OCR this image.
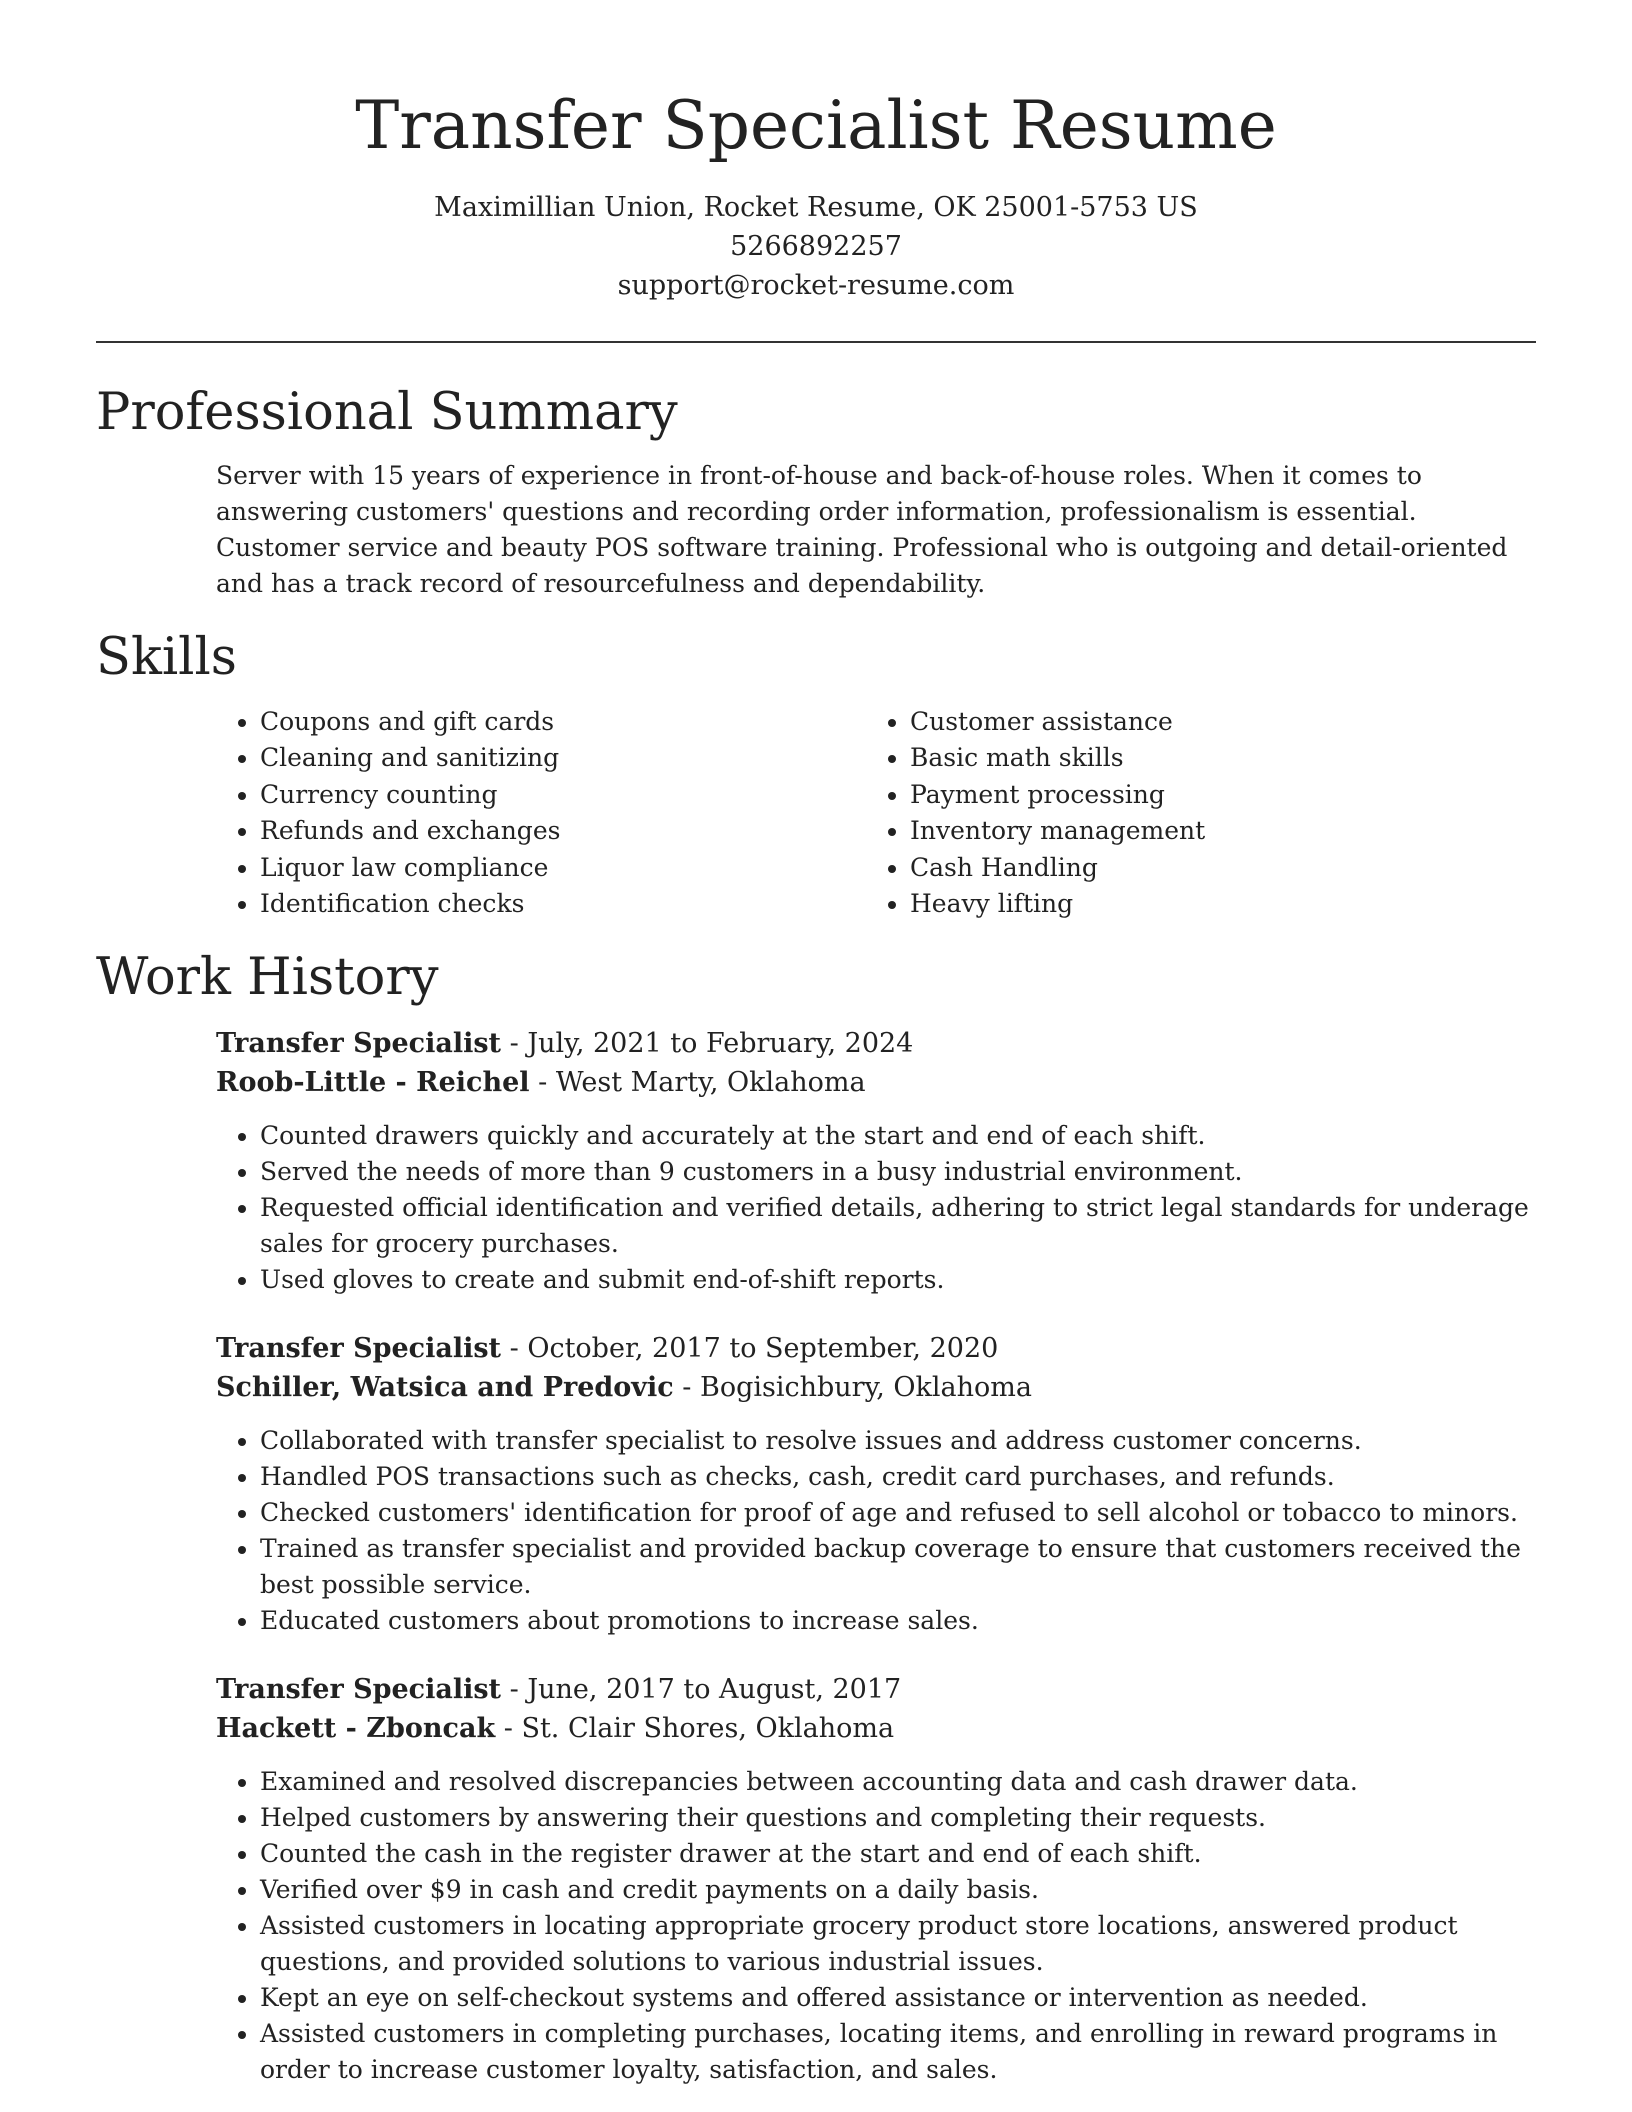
Transfer Specialist Resume
Maximillian Union, Rocket Resume, OK 25001-5753 US
5266892257
support@rocket-resume.com
Professional Summary

Server with 15 years of experience in front-of-house and back-of-house roles. When it comes to answering customers' questions and recording order information, professionalism is essential. Customer service and beauty POS software training. Professional who is outgoing and detail-oriented and has a track record of resourcefulness and dependability.

Skills
• Coupons and gift cards
• Cleaning and sanitizing
• Currency counting
• Refunds and exchanges
• Liquor law compliance
• Identification checks
• Customer assistance
• Basic math skills
• Payment processing
• Inventory management
• Cash Handling
• Heavy lifting
Work History
Transfer Specialist - July, 2021 to February, 2024
Roob-Little - Reichel - West Marty, Oklahoma
• Counted drawers quickly and accurately at the start and end of each shift.
• Served the needs of more than 9 customers in a busy industrial environment.
• Requested official identification and verified details, adhering to strict legal standards for underage sales for grocery purchases.
• Used gloves to create and submit end-of-shift reports.
Transfer Specialist - October, 2017 to September, 2020
Schiller, Watsica and Predovic - Bogisichbury, Oklahoma
• Collaborated with transfer specialist to resolve issues and address customer concerns.
• Handled POS transactions such as checks, cash, credit card purchases, and refunds.
• Checked customers' identification for proof of age and refused to sell alcohol or tobacco to minors.
• Trained as transfer specialist and provided backup coverage to ensure that customers received the best possible service.
• Educated customers about promotions to increase sales.
Transfer Specialist - June, 2017 to August, 2017
Hackett - Zboncak - St. Clair Shores, Oklahoma
• Examined and resolved discrepancies between accounting data and cash drawer data.
• Helped customers by answering their questions and completing their requests.
• Counted the cash in the register drawer at the start and end of each shift.
• Verified over $9 in cash and credit payments on a daily basis.
• Assisted customers in locating appropriate grocery product store locations, answered product questions, and provided solutions to various industrial issues.
• Kept an eye on self-checkout systems and offered assistance or intervention as needed.
• Assisted customers in completing purchases, locating items, and enrolling in reward programs in order to increase customer loyalty, satisfaction, and sales.
